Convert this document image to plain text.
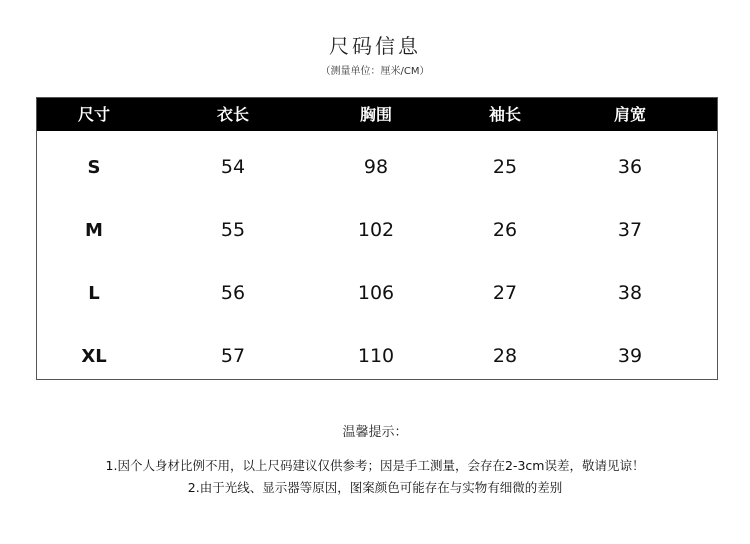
尺码信息
（测量单位：厘米/CM）
尺寸	衣长	胸围	袖长	肩宽
S	54	98	25	36
M	55	102	26	37
L	56	106	27	38
XL	57	110	28	39
温馨提示：
1.因个人身材比例不用，以上尺码建议仅供参考；因是手工测量，会存在2-3cm误差，敬请见谅！
2.由于光线、显示器等原因，图案颜色可能存在与实物有细微的差别
